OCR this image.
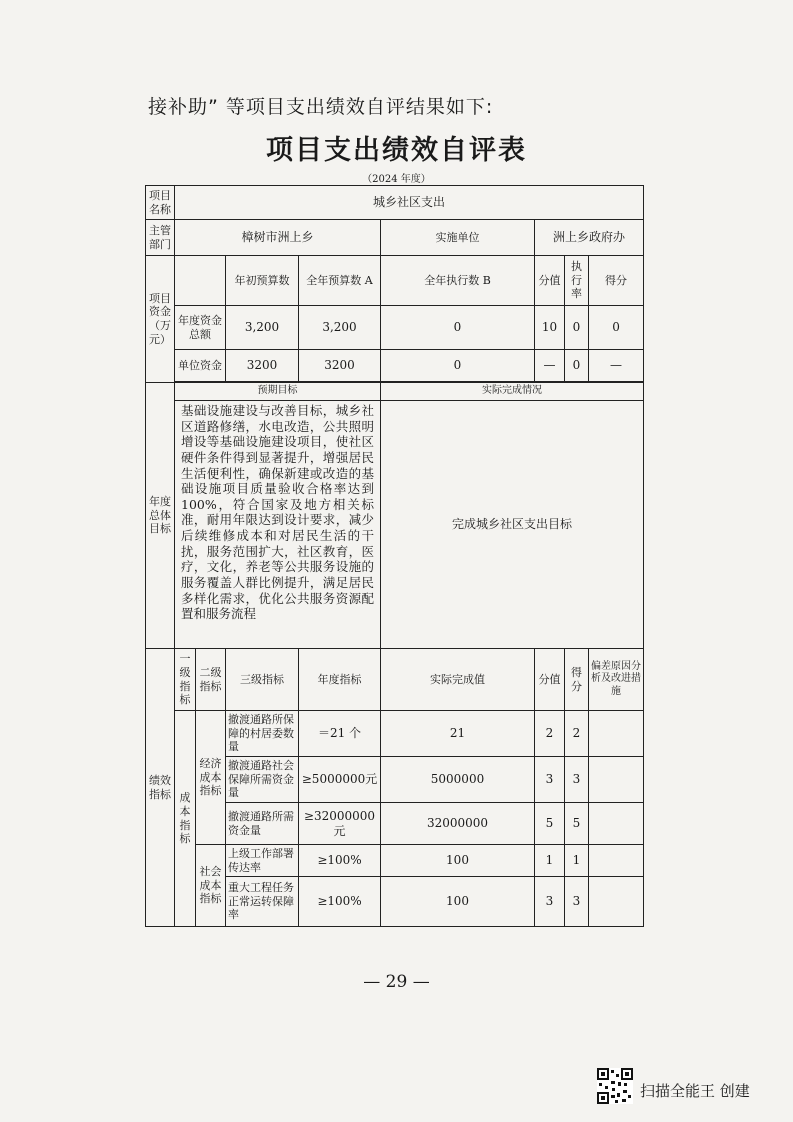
接补助” 等项目支出绩效自评结果如下:
项目支出绩效自评表
（2024 年度）
项目名称	城乡社区支出							
主管部门	樟树市洲上乡				实施单位	洲上乡政府办		
项目资金（万元）			年初预算数	全年预算数 A	全年执行数 B	分值	执行率	得分
	年度资金总额		3,200	3,200	0	10	0	0
	单位资金		3200	3200	0	—	0	—

年度总体目标	预期目标				实际完成情况			
	基础设施建设与改善目标，城乡社区道路修缮，水电改造，公共照明增设等基础设施建设项目，使社区硬件条件得到显著提升，增强居民生活便利性，确保新建或改造的基础设施项目质量验收合格率达到100%，符合国家及地方相关标准，耐用年限达到设计要求，减少后续维修成本和对居民生活的干扰，服务范围扩大，社区教育，医疗，文化，养老等公共服务设施的服务覆盖人群比例提升，满足居民多样化需求，优化公共服务资源配置和服务流程				完成城乡社区支出目标			
绩效指标	一级指标	二级指标	三级指标	年度指标	实际完成值	分值	得分	偏差原因分析及改进措施
	成本指标	经济成本指标	撤渡通路所保障的村居委数量	＝21 个	21	2	2	
			撤渡通路社会保障所需资金量	≥5000000元	5000000	3	3	
			撤渡通路所需资金量	≥32000000元	32000000	5	5	
		社会成本指标	上级工作部署传达率	≥100%	100	1	1	
			重大工程任务正常运转保障率	≥100%	100	3	3	
— 29 —
扫描全能王 创建
